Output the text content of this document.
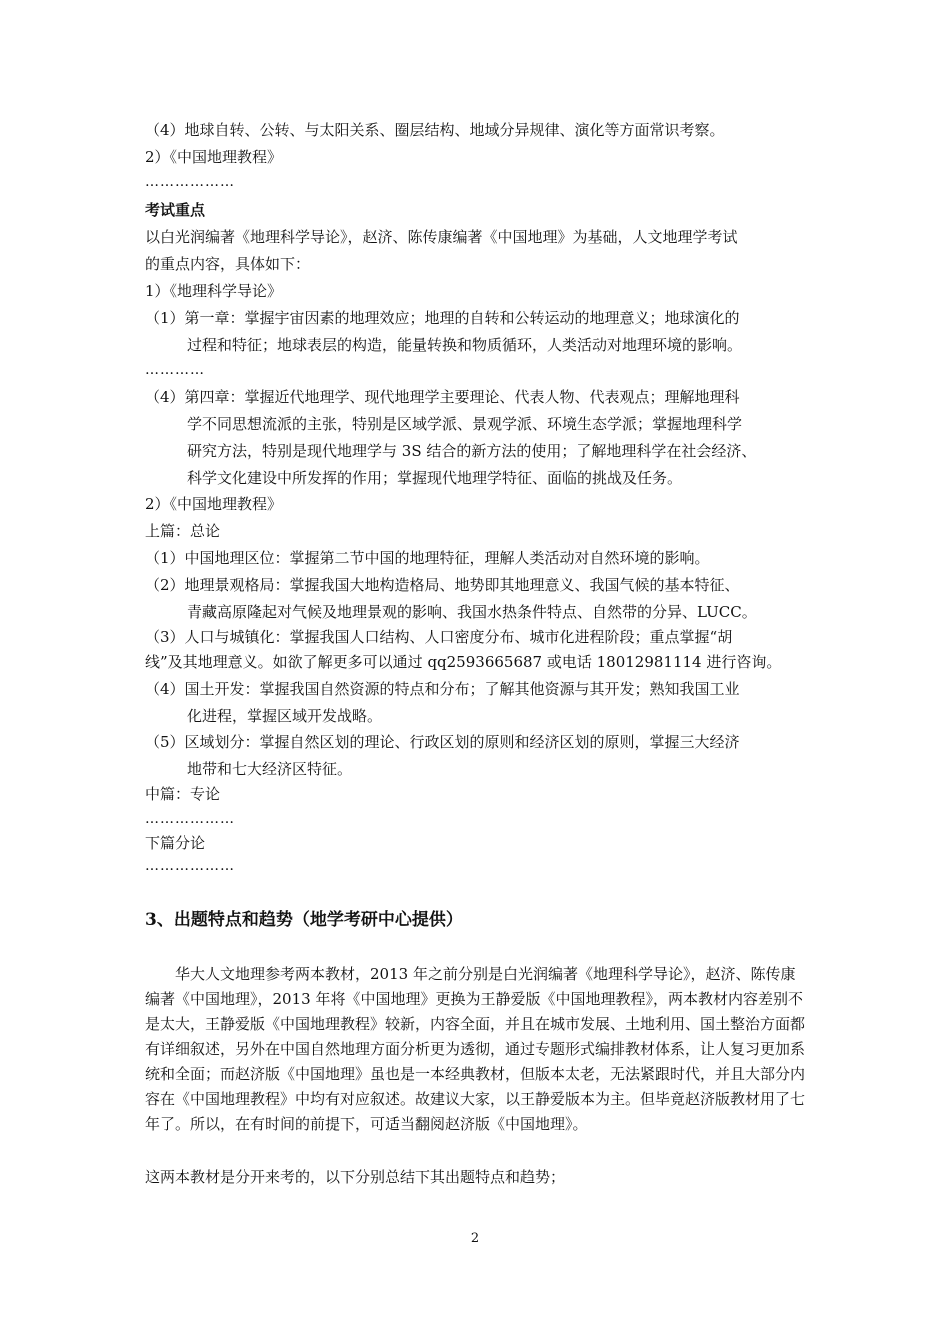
（4）地球自转、公转、与太阳关系、圈层结构、地域分异规律、演化等方面常识考察。
2）《中国地理教程》
………………
考试重点
以白光润编著《地理科学导论》，赵济、陈传康编著《中国地理》为基础，人文地理学考试
的重点内容，具体如下：
1）《地理科学导论》
（1）第一章：掌握宇宙因素的地理效应；地理的自转和公转运动的地理意义；地球演化的
过程和特征；地球表层的构造，能量转换和物质循环，人类活动对地理环境的影响。
…………
（4）第四章：掌握近代地理学、现代地理学主要理论、代表人物、代表观点；理解地理科
学不同思想流派的主张，特别是区域学派、景观学派、环境生态学派；掌握地理科学
研究方法，特别是现代地理学与 3S 结合的新方法的使用；了解地理科学在社会经济、
科学文化建设中所发挥的作用；掌握现代地理学特征、面临的挑战及任务。
2）《中国地理教程》
上篇：总论
（1）中国地理区位：掌握第二节中国的地理特征，理解人类活动对自然环境的影响。
（2）地理景观格局：掌握我国大地构造格局、地势即其地理意义、我国气候的基本特征、
青藏高原隆起对气候及地理景观的影响、我国水热条件特点、自然带的分异、LUCC。
（3）人口与城镇化：掌握我国人口结构、人口密度分布、城市化进程阶段；重点掌握“胡
线”及其地理意义。如欲了解更多可以通过 qq2593665687 或电话 18012981114 进行咨询。
（4）国土开发：掌握我国自然资源的特点和分布；了解其他资源与其开发；熟知我国工业
化进程，掌握区域开发战略。
（5）区域划分：掌握自然区划的理论、行政区划的原则和经济区划的原则，掌握三大经济
地带和七大经济区特征。
中篇：专论
………………
下篇分论
………………
3、出题特点和趋势（地学考研中心提供）
华大人文地理参考两本教材，2013 年之前分别是白光润编著《地理科学导论》，赵济、陈传康编著《中国地理》，2013 年将《中国地理》更换为王静爱版《中国地理教程》，两本教材内容差别不是太大，王静爱版《中国地理教程》较新，内容全面，并且在城市发展、土地利用、国土整治方面都有详细叙述，另外在中国自然地理方面分析更为透彻，通过专题形式编排教材体系，让人复习更加系统和全面；而赵济版《中国地理》虽也是一本经典教材，但版本太老，无法紧跟时代，并且大部分内容在《中国地理教程》中均有对应叙述。故建议大家，以王静爱版本为主。但毕竟赵济版教材用了七年了。所以，在有时间的前提下，可适当翻阅赵济版《中国地理》。
这两本教材是分开来考的，以下分别总结下其出题特点和趋势；
2
